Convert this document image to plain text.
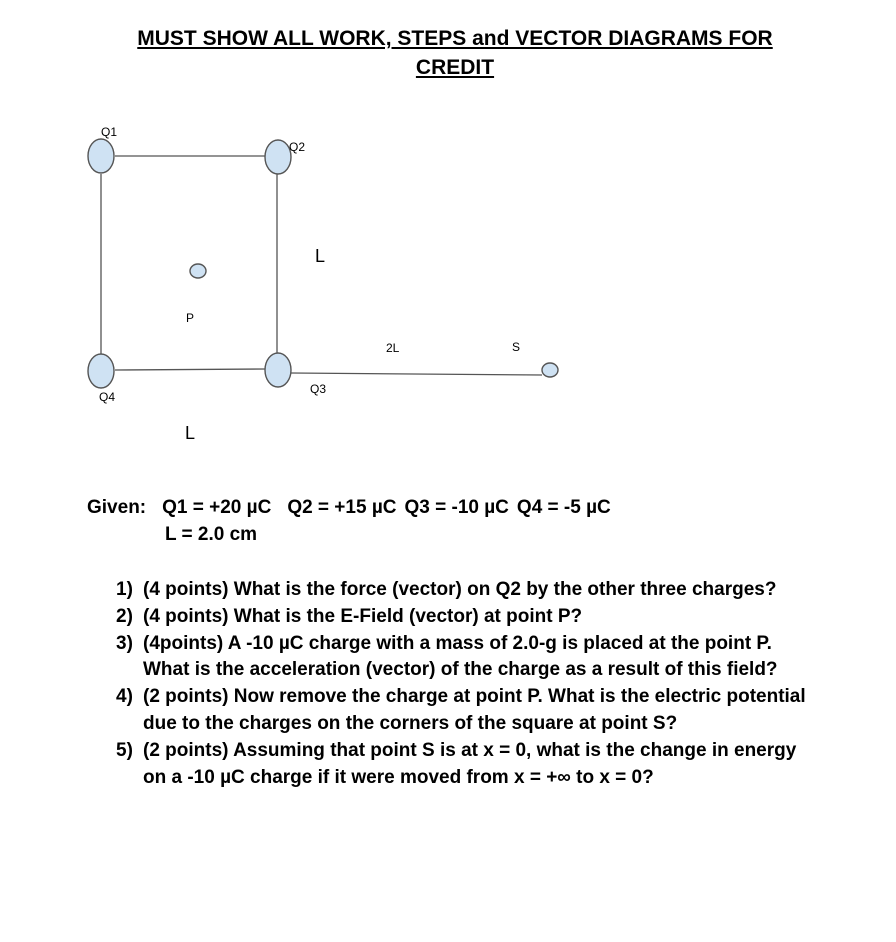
MUST SHOW ALL WORK, STEPS and VECTOR DIAGRAMS FOR
CREDIT
Q1
Q2
Q3
Q4
P
S
2L
L
L
Given: Q1 = +20 µC Q2 = +15 µC Q3 = -10 µC Q4 = -5 µC
L = 2.0 cm
1) (4 points) What is the force (vector) on Q2 by the other three charges?
2) (4 points) What is the E-Field (vector) at point P?
3) (4points) A -10 µC charge with a mass of 2.0-g is placed at the point P. What is the acceleration (vector) of the charge as a result of this field?
4) (2 points) Now remove the charge at point P. What is the electric potential due to the charges on the corners of the square at point S?
5) (2 points) Assuming that point S is at x = 0, what is the change in energy on a -10 µC charge if it were moved from x = +∞ to x = 0?
